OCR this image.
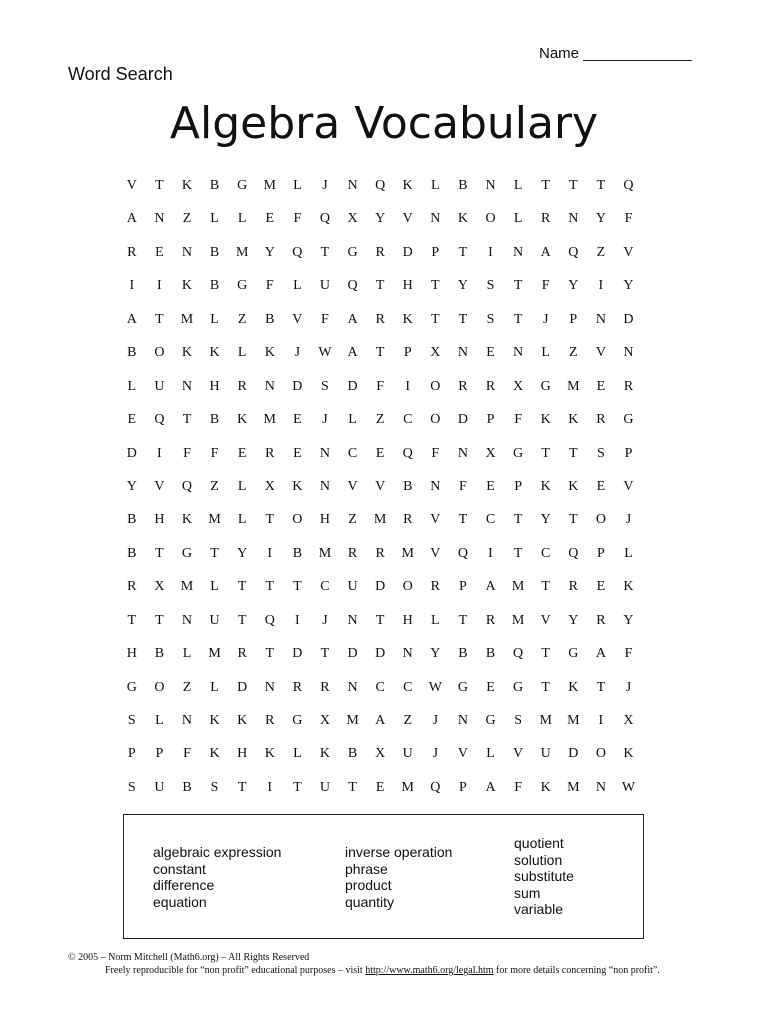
Name _____________
Word Search
Algebra Vocabulary
V	T	K	B	G	M	L	J	N	Q	K	L	B	N	L	T	T	T	Q
A	N	Z	L	L	E	F	Q	X	Y	V	N	K	O	L	R	N	Y	F
R	E	N	B	M	Y	Q	T	G	R	D	P	T	I	N	A	Q	Z	V
I	I	K	B	G	F	L	U	Q	T	H	T	Y	S	T	F	Y	I	Y
A	T	M	L	Z	B	V	F	A	R	K	T	T	S	T	J	P	N	D
B	O	K	K	L	K	J	W	A	T	P	X	N	E	N	L	Z	V	N
L	U	N	H	R	N	D	S	D	F	I	O	R	R	X	G	M	E	R
E	Q	T	B	K	M	E	J	L	Z	C	O	D	P	F	K	K	R	G
D	I	F	F	E	R	E	N	C	E	Q	F	N	X	G	T	T	S	P
Y	V	Q	Z	L	X	K	N	V	V	B	N	F	E	P	K	K	E	V
B	H	K	M	L	T	O	H	Z	M	R	V	T	C	T	Y	T	O	J
B	T	G	T	Y	I	B	M	R	R	M	V	Q	I	T	C	Q	P	L
R	X	M	L	T	T	T	C	U	D	O	R	P	A	M	T	R	E	K
T	T	N	U	T	Q	I	J	N	T	H	L	T	R	M	V	Y	R	Y
H	B	L	M	R	T	D	T	D	D	N	Y	B	B	Q	T	G	A	F
G	O	Z	L	D	N	R	R	N	C	C	W	G	E	G	T	K	T	J
S	L	N	K	K	R	G	X	M	A	Z	J	N	G	S	M	M	I	X
P	P	F	K	H	K	L	K	B	X	U	J	V	L	V	U	D	O	K
S	U	B	S	T	I	T	U	T	E	M	Q	P	A	F	K	M	N	W
algebraic expression
constant
difference
equation
inverse operation
phrase
product
quantity
quotient
solution
substitute
sum
variable
© 2005 – Norm Mitchell (Math6.org) – All Rights Reserved
Freely reproducible for “non profit” educational purposes – visit http://www.math6.org/legal.htm for more details concerning “non profit”.
